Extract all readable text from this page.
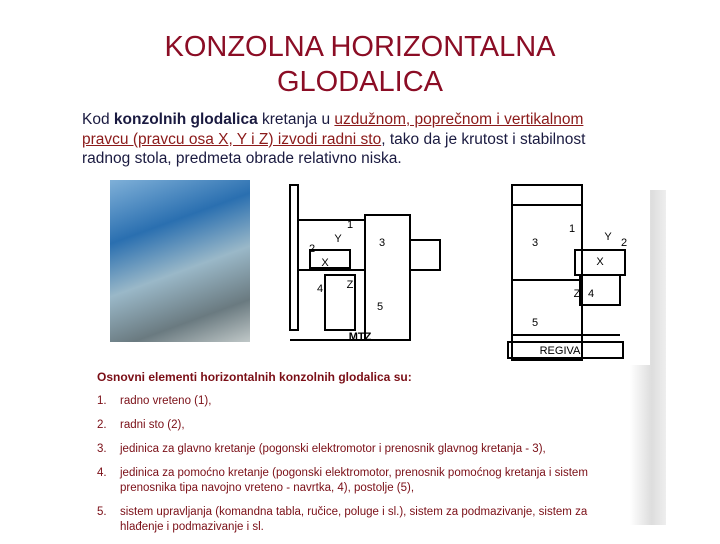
KONZOLNA HORIZONTALNA
GLODALICA
Kod konzolnih glodalica kretanja u uzdužnom, poprečnom i vertikalnom pravcu (pravcu osa X, Y i Z) izvodi radni sto, tako da je krutost i stabilnost radnog stola, predmeta obrade relativno niska.
1
2	3
4
5
X
Y
Z
MTZ
1
2
3
4
5
X
Y
Z
REGIVA
Osnovni elementi horizontalnih konzolnih glodalica su:
1.	radno vreteno (1),
2.	radni sto (2),
3.	jedinica za glavno kretanje (pogonski elektromotor i prenosnik glavnog kretanja - 3),
4.	jedinica za pomoćno kretanje (pogonski elektromotor, prenosnik pomoćnog kretanja i sistem prenosnika tipa navojno vreteno - navrtka, 4), postolje (5),
5.	sistem upravljanja (komandna tabla, ručice, poluge i sl.), sistem za podmazivanje, sistem za hlađenje i podmazivanje i sl.
